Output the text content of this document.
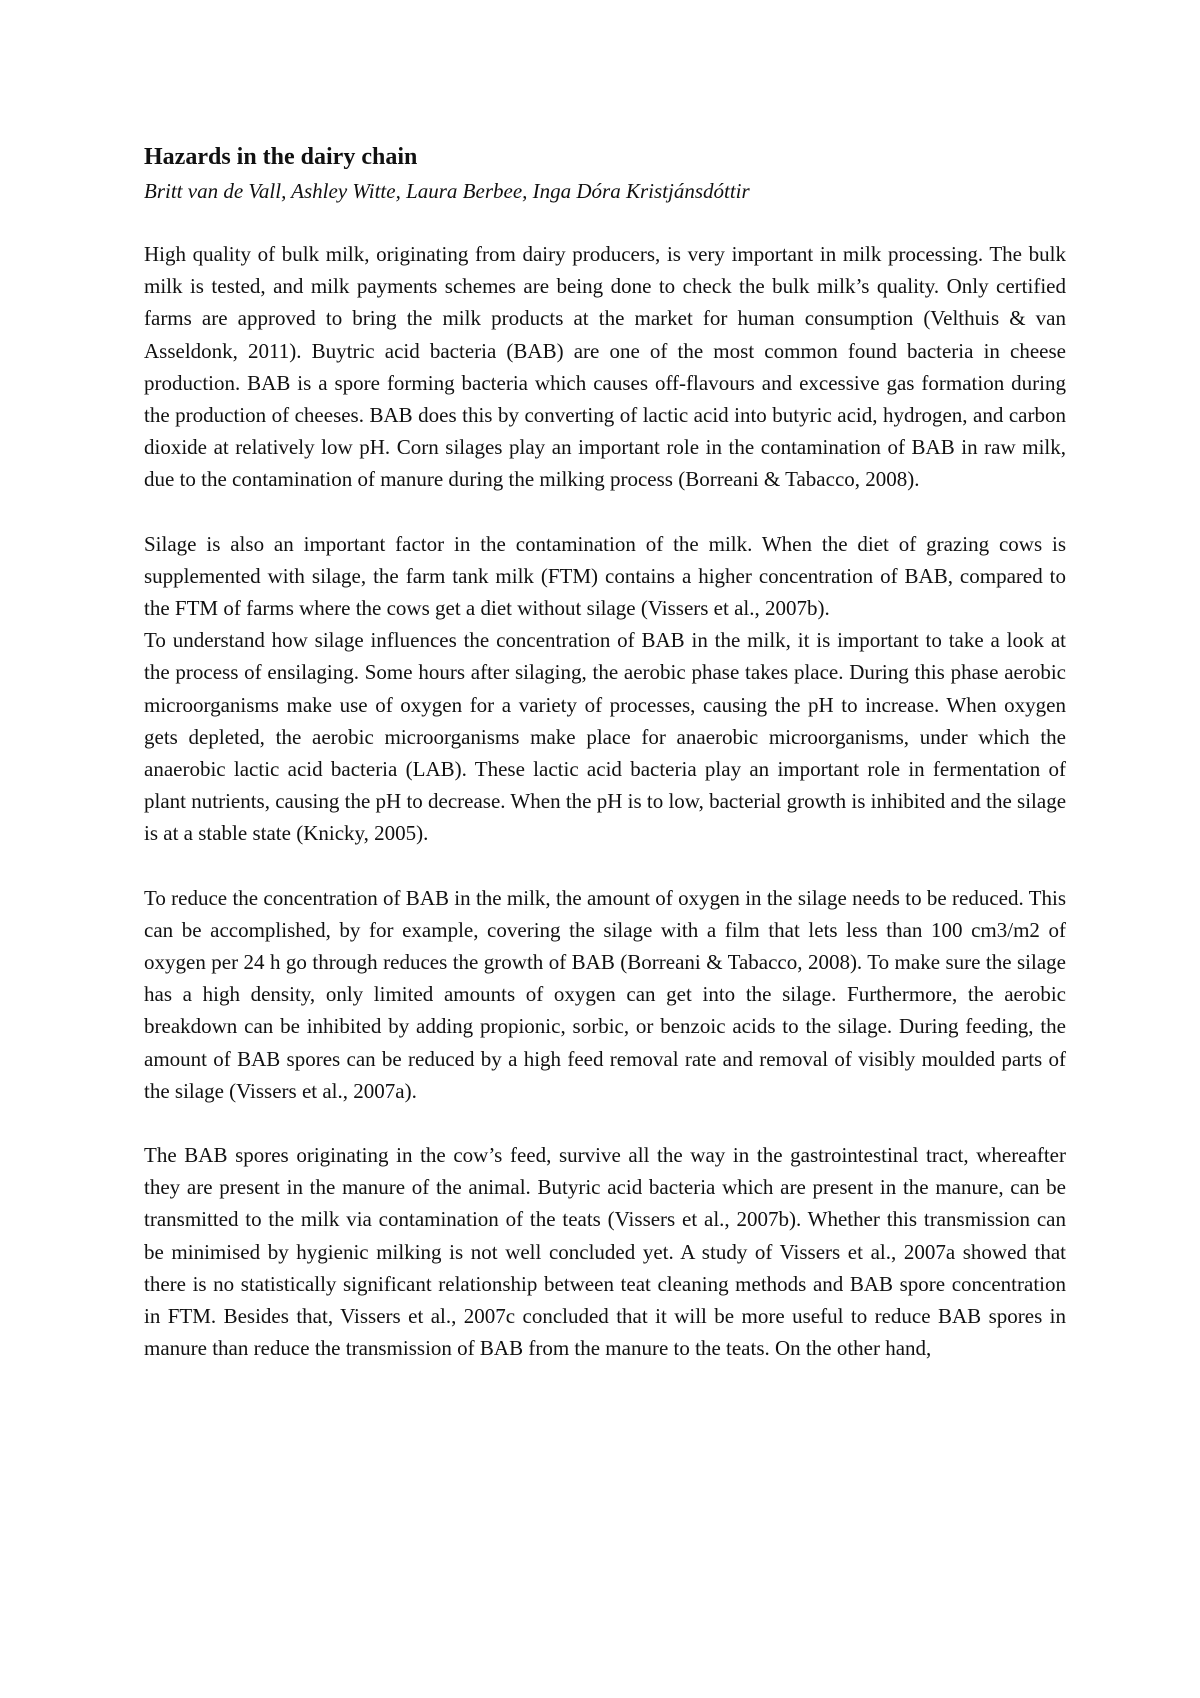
Hazards in the dairy chain

Britt van de Vall, Ashley Witte, Laura Berbee, Inga Dóra Kristjánsdóttir

High quality of bulk milk, originating from dairy producers, is very important in milk processing. The bulk milk is tested, and milk payments schemes are being done to check the bulk milk’s quality. Only certified farms are approved to bring the milk products at the market for human consumption (Velthuis & van Asseldonk, 2011). Buytric acid bacteria (BAB) are one of the most common found bacteria in cheese production. BAB is a spore forming bacteria which causes off-flavours and excessive gas formation during the production of cheeses. BAB does this by converting of lactic acid into butyric acid, hydrogen, and carbon dioxide at relatively low pH. Corn silages play an important role in the contamination of BAB in raw milk, due to the contamination of manure during the milking process (Borreani & Tabacco, 2008).

Silage is also an important factor in the contamination of the milk. When the diet of grazing cows is supplemented with silage, the farm tank milk (FTM) contains a higher concentration of BAB, compared to the FTM of farms where the cows get a diet without silage (Vissers et al., 2007b).

To understand how silage influences the concentration of BAB in the milk, it is important to take a look at the process of ensilaging. Some hours after silaging, the aerobic phase takes place. During this phase aerobic microorganisms make use of oxygen for a variety of processes, causing the pH to increase. When oxygen gets depleted, the aerobic microorganisms make place for anaerobic microorganisms, under which the anaerobic lactic acid bacteria (LAB). These lactic acid bacteria play an important role in fermentation of plant nutrients, causing the pH to decrease. When the pH is to low, bacterial growth is inhibited and the silage is at a stable state (Knicky, 2005).

To reduce the concentration of BAB in the milk, the amount of oxygen in the silage needs to be reduced. This can be accomplished, by for example, covering the silage with a film that lets less than 100 cm3/m2 of oxygen per 24 h go through reduces the growth of BAB (Borreani & Tabacco, 2008). To make sure the silage has a high density, only limited amounts of oxygen can get into the silage. Furthermore, the aerobic breakdown can be inhibited by adding propionic, sorbic, or benzoic acids to the silage. During feeding, the amount of BAB spores can be reduced by a high feed removal rate and removal of visibly moulded parts of the silage (Vissers et al., 2007a).

The BAB spores originating in the cow’s feed, survive all the way in the gastrointestinal tract, whereafter they are present in the manure of the animal. Butyric acid bacteria which are present in the manure, can be transmitted to the milk via contamination of the teats (Vissers et al., 2007b). Whether this transmission can be minimised by hygienic milking is not well concluded yet. A study of Vissers et al., 2007a showed that there is no statistically significant relationship between teat cleaning methods and BAB spore concentration in FTM. Besides that, Vissers et al., 2007c concluded that it will be more useful to reduce BAB spores in manure than reduce the transmission of BAB from the manure to the teats. On the other hand,
